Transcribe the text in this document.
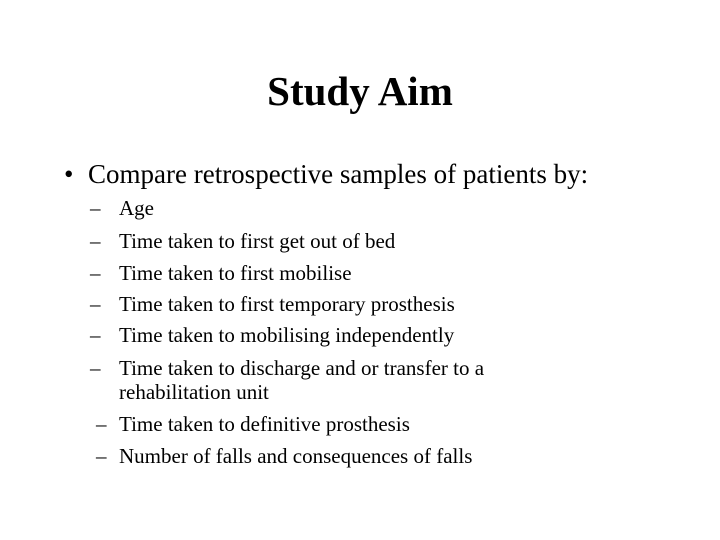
Study Aim
• Compare retrospective samples of patients by:
– Age
– Time taken to first get out of bed
– Time taken to first mobilise
– Time taken to first temporary prosthesis
– Time taken to mobilising independently
– Time taken to discharge and or transfer to a
rehabilitation unit
– Time taken to definitive prosthesis
– Number of falls and consequences of falls
